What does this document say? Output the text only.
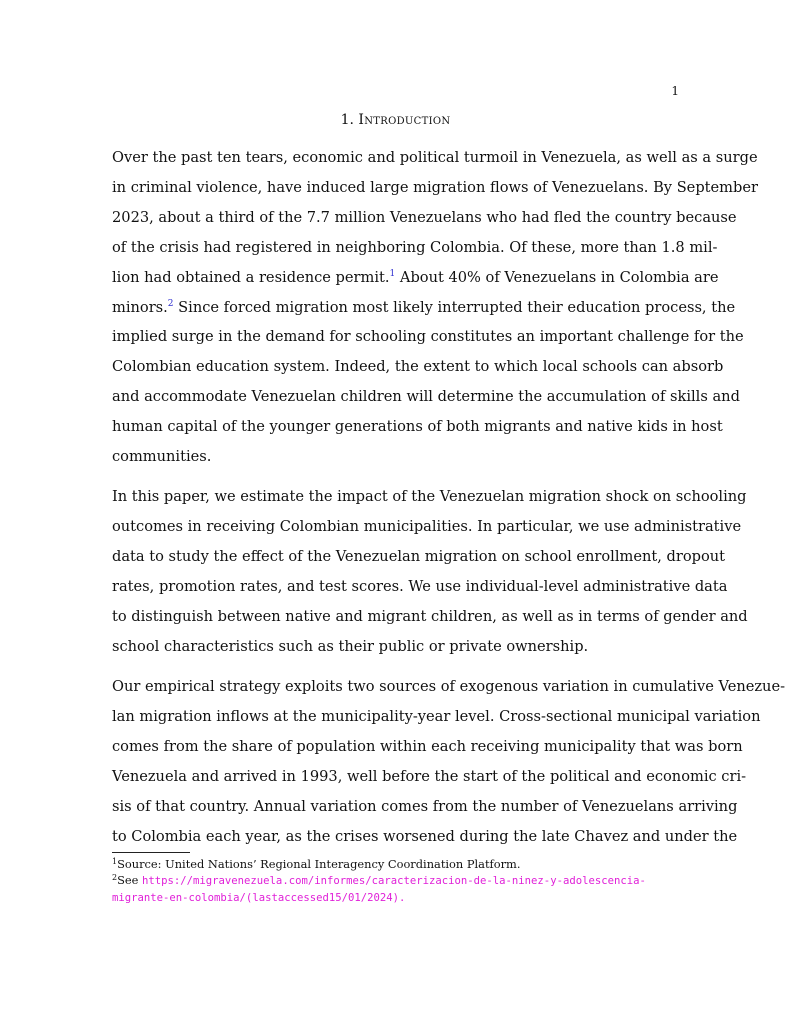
1
1. Introduction

Over the past ten tears, economic and political turmoil in Venezuela, as well as a surge
in criminal violence, have induced large migration flows of Venezuelans. By September
2023, about a third of the 7.7 million Venezuelans who had fled the country because
of the crisis had registered in neighboring Colombia. Of these, more than 1.8 mil-
lion had obtained a residence permit.$^1$ About 40% of Venezuelans in Colombia are
minors.$^2$ Since forced migration most likely interrupted their education process, the
implied surge in the demand for schooling constitutes an important challenge for the
Colombian education system. Indeed, the extent to which local schools can absorb
and accommodate Venezuelan children will determine the accumulation of skills and
human capital of the younger generations of both migrants and native kids in host
communities.

In this paper, we estimate the impact of the Venezuelan migration shock on schooling
outcomes in receiving Colombian municipalities. In particular, we use administrative
data to study the effect of the Venezuelan migration on school enrollment, dropout
rates, promotion rates, and test scores. We use individual-level administrative data
to distinguish between native and migrant children, as well as in terms of gender and
school characteristics such as their public or private ownership.

Our empirical strategy exploits two sources of exogenous variation in cumulative Venezue-
lan migration inflows at the municipality-year level. Cross-sectional municipal variation
comes from the share of population within each receiving municipality that was born
Venezuela and arrived in 1993, well before the start of the political and economic cri-
sis of that country. Annual variation comes from the number of Venezuelans arriving
to Colombia each year, as the crises worsened during the late Chavez and under the

$^1$Source: United Nations’ Regional Interagency Coordination Platform.
$^2$See https://migravenezuela.com/informes/caracterizacion-de-la-ninez-y-adolescencia-
migrante-en-colombia/(lastaccessed15/01/2024).
